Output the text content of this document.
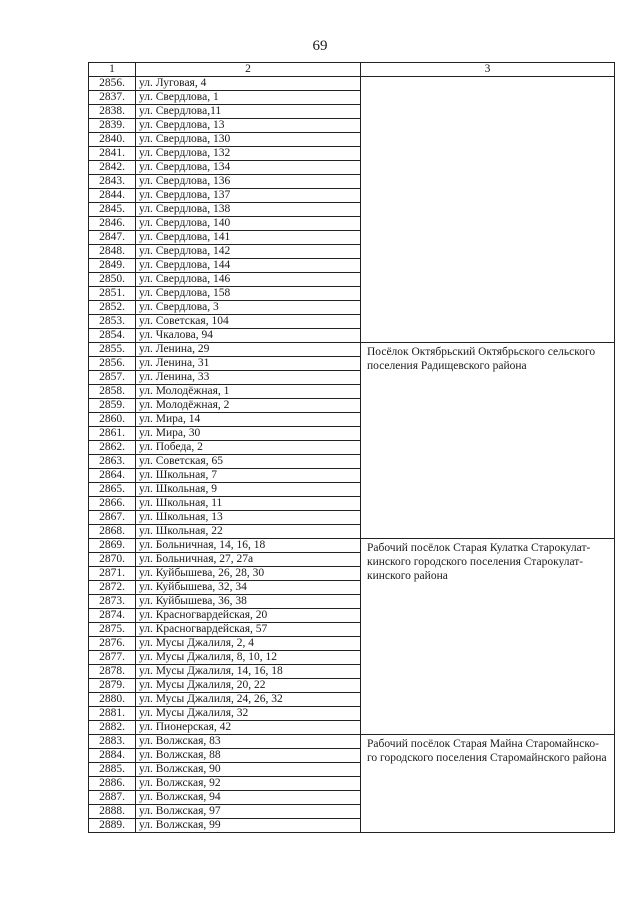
69
1	2	3
2856.	ул. Луговая, 4	
2837.	ул. Свердлова, 1	
2838.	ул. Свердлова,11	
2839.	ул. Свердлова, 13	
2840.	ул. Свердлова, 130	
2841.	ул. Свердлова, 132	
2842.	ул. Свердлова, 134	
2843.	ул. Свердлова, 136	
2844.	ул. Свердлова, 137	
2845.	ул. Свердлова, 138	
2846.	ул. Свердлова, 140	
2847.	ул. Свердлова, 141	
2848.	ул. Свердлова, 142	
2849.	ул. Свердлова, 144	
2850.	ул. Свердлова, 146	
2851.	ул. Свердлова, 158	
2852.	ул. Свердлова, 3	
2853.	ул. Советская, 104	
2854.	ул. Чкалова, 94	
2855.	ул. Ленина, 29	Посёлок Октябрьский Октябрьского сельского поселения Радищевского района
2856.	ул. Ленина, 31	
2857.	ул. Ленина, 33	
2858.	ул. Молодёжная, 1	
2859.	ул. Молодёжная, 2	
2860.	ул. Мира, 14	
2861.	ул. Мира, 30	
2862.	ул. Победа, 2	
2863.	ул. Советская, 65	
2864.	ул. Школьная, 7	
2865.	ул. Школьная, 9	
2866.	ул. Школьная, 11	
2867.	ул. Школьная, 13	
2868.	ул. Школьная, 22	
2869.	ул. Больничная, 14, 16, 18	Рабочий посёлок Старая Кулатка Старокулат-кинского городского поселения Старокулат-кинского района
2870.	ул. Больничная, 27, 27а	
2871.	ул. Куйбышева, 26, 28, 30	
2872.	ул. Куйбышева, 32, 34	
2873.	ул. Куйбышева, 36, 38	
2874.	ул. Красногвардейская, 20	
2875.	ул. Красногвардейская, 57	
2876.	ул. Мусы Джалиля, 2, 4	
2877.	ул. Мусы Джалиля, 8, 10, 12	
2878.	ул. Мусы Джалиля, 14, 16, 18	
2879.	ул. Мусы Джалиля, 20, 22	
2880.	ул. Мусы Джалиля, 24, 26, 32	
2881.	ул. Мусы Джалиля, 32	
2882.	ул. Пионерская, 42	
2883.	ул. Волжская, 83	Рабочий посёлок Старая Майна Старомайнско-го городского поселения Старомайнского района
2884.	ул. Волжская, 88	
2885.	ул. Волжская, 90	
2886.	ул. Волжская, 92	
2887.	ул. Волжская, 94	
2888.	ул. Волжская, 97	
2889.	ул. Волжская, 99	
